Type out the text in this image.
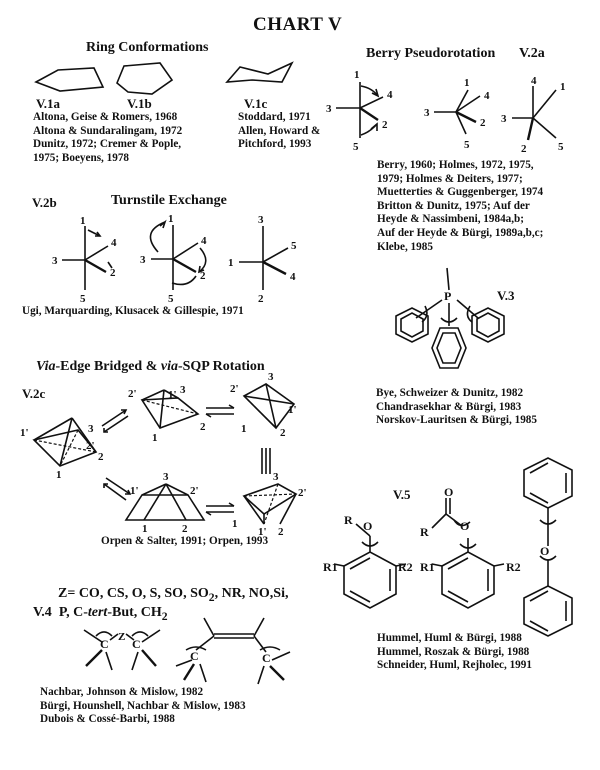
CHART V
Ring Conformations
V.1a	V.1b	V.1c
Altona, Geise & Romers, 1968
Altona & Sundaralingam, 1972
Dunitz, 1972; Cremer & Pople,
1975; Boeyens, 1978
Stoddard, 1971
Allen, Howard &
Pitchford, 1993
Berry Pseudorotation V.2a
1
3
4
2
5
3
1
4
2
5
4 1
3
2	5
Berry, 1960; Holmes, 1972, 1975,
1979; Holmes & Deiters, 1977;
Muetterties & Guggenberger, 1974
Britton & Dunitz, 1975; Auf der
Heyde & Nassimbeni, 1984a,b;
Auf der Heyde & Bürgi, 1989a,b,c;
Klebe, 1985
V.2b	Turnstile Exchange
1
3
4
2
5
1
3
4
2
5
3
1
5
4
2
Ugi, Marquarding, Klusacek & Gillespie, 1971
V.3
P
Bye, Schweizer & Dunitz, 1982
Chandrasekhar & Bürgi, 1983
Norskov-Lauritsen & Bürgi, 1985
Via-Edge Bridged & via-SQP Rotation
V.2c
1'	3
2'
2
1
2'	3
1'
1
2
2'
3
1'
1	2
3
1'	2'
1	2
3
2'
1
1' 2
Orpen & Salter, 1991; Orpen, 1993
V.5
R O
R1	R2
O
O
R
R1	R2
O
Hummel, Huml & Bürgi, 1988
Hummel, Roszak & Bürgi, 1988
Schneider, Huml, Rejholec, 1991
Z= CO, CS, O, S, SO, $SO_2$, NR, NO,Si,
V.4 P, C-tert-But, $CH_2$
C Z C
C	C
Nachbar, Johnson & Mislow, 1982
Bürgi, Hounshell, Nachbar & Mislow, 1983
Dubois & Cossé-Barbi, 1988
